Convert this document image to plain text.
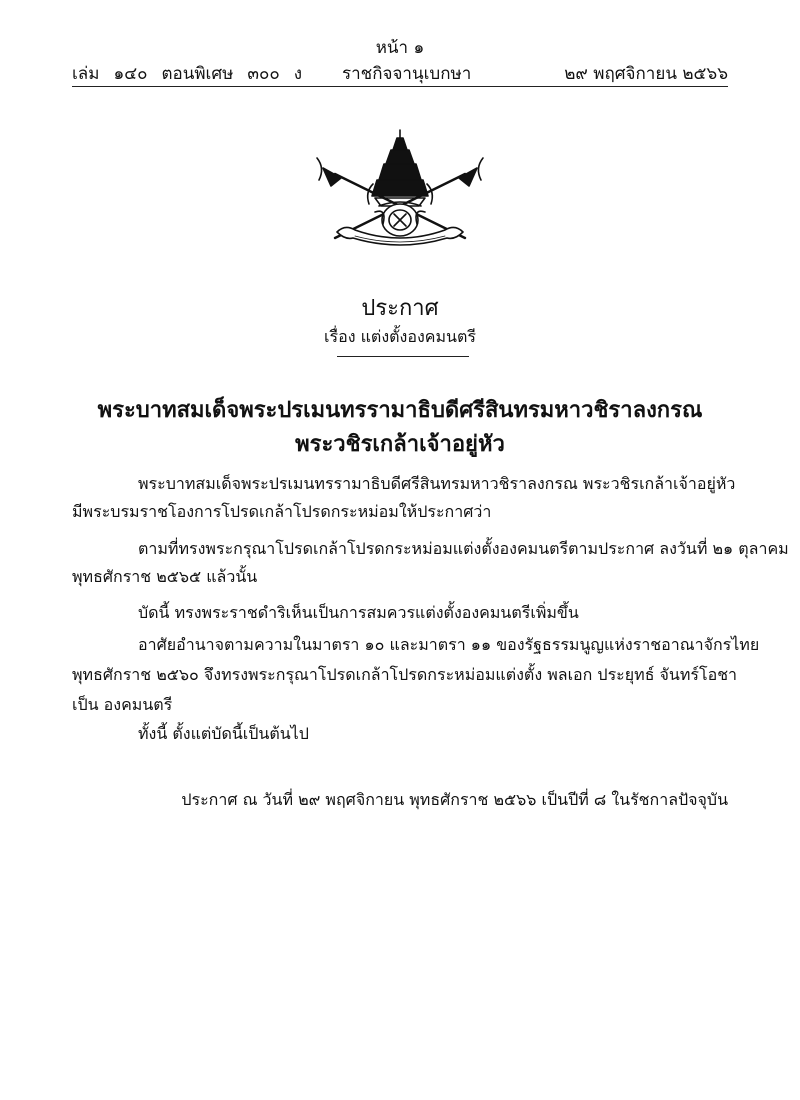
หน้า ๑
เล่ม ๑๔๐ ตอนพิเศษ ๓๐๐ ง	ราชกิจจานุเบกษา	๒๙ พฤศจิกายน ๒๕๖๖
ประกาศ
เรื่อง แต่งตั้งองคมนตรี
พระบาทสมเด็จพระปรเมนทรรามาธิบดีศรีสินทรมหาวชิราลงกรณ
พระวชิรเกล้าเจ้าอยู่หัว
พระบาทสมเด็จพระปรเมนทรรามาธิบดีศรีสินทรมหาวชิราลงกรณ พระวชิรเกล้าเจ้าอยู่หัว
มีพระบรมราชโองการโปรดเกล้าโปรดกระหม่อมให้ประกาศว่า
ตามที่ทรงพระกรุณาโปรดเกล้าโปรดกระหม่อมแต่งตั้งองคมนตรีตามประกาศ ลงวันที่ ๒๑ ตุลาคม
พุทธศักราช ๒๕๖๕ แล้วนั้น
บัดนี้ ทรงพระราชดำริเห็นเป็นการสมควรแต่งตั้งองคมนตรีเพิ่มขึ้น
อาศัยอำนาจตามความในมาตรา ๑๐ และมาตรา ๑๑ ของรัฐธรรมนูญแห่งราชอาณาจักรไทย
พุทธศักราช ๒๕๖๐ จึงทรงพระกรุณาโปรดเกล้าโปรดกระหม่อมแต่งตั้ง พลเอก ประยุทธ์ จันทร์โอชา
เป็น องคมนตรี
ทั้งนี้ ตั้งแต่บัดนี้เป็นต้นไป
ประกาศ ณ วันที่ ๒๙ พฤศจิกายน พุทธศักราช ๒๕๖๖ เป็นปีที่ ๘ ในรัชกาลปัจจุบัน
